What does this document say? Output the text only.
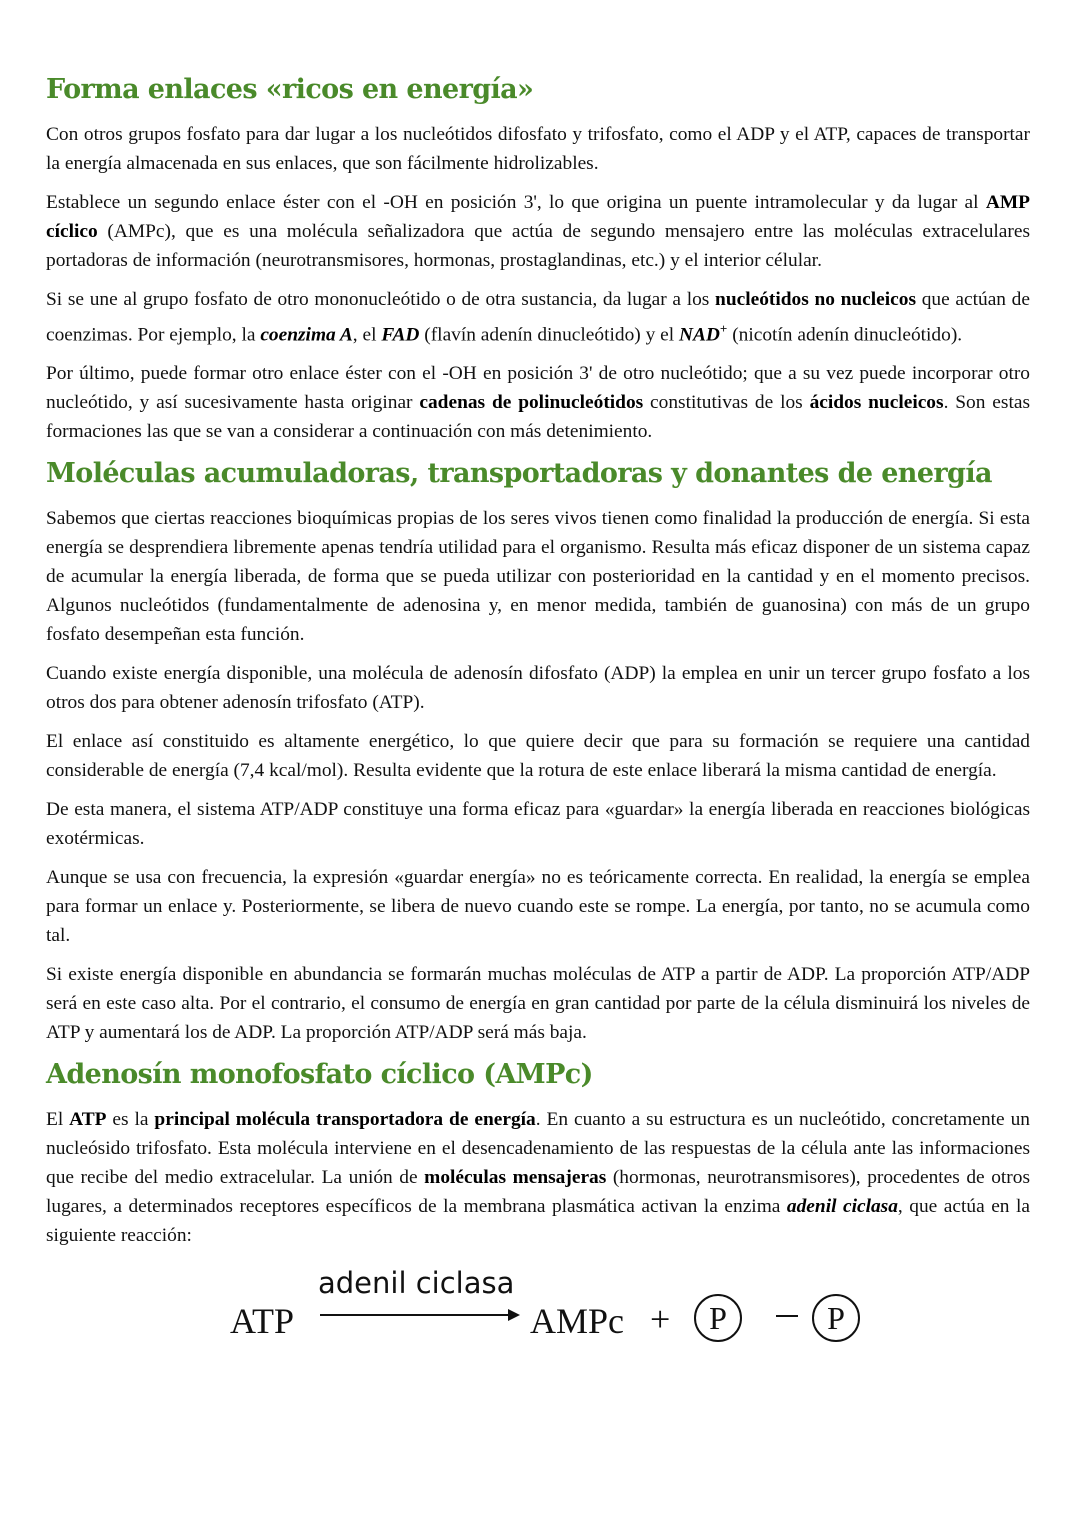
Forma enlaces «ricos en energía»

Con otros grupos fosfato para dar lugar a los nucleótidos difosfato y trifosfato, como el ADP y el ATP, capaces de transportar la energía almacenada en sus enlaces, que son fácilmente hidrolizables.

Establece un segundo enlace éster con el -OH en posición 3', lo que origina un puente intramolecular y da lugar al AMP cíclico (AMPc), que es una molécula señalizadora que actúa de segundo mensajero entre las moléculas extracelulares portadoras de información (neurotransmisores, hormonas, prostaglandinas, etc.) y el interior célular.

Si se une al grupo fosfato de otro mononucleótido o de otra sustancia, da lugar a los nucleótidos no nucleicos que actúan de coenzimas. Por ejemplo, la coenzima A, el FAD (flavín adenín dinucleótido) y el NAD+ (nicotín adenín dinucleótido).

Por último, puede formar otro enlace éster con el -OH en posición 3' de otro nucleótido; que a su vez puede incorporar otro nucleótido, y así sucesivamente hasta originar cadenas de polinucleótidos constitutivas de los ácidos nucleicos. Son estas formaciones las que se van a considerar a continuación con más detenimiento.

Moléculas acumuladoras, transportadoras y donantes de energía

Sabemos que ciertas reacciones bioquímicas propias de los seres vivos tienen como finalidad la producción de energía. Si esta energía se desprendiera libremente apenas tendría utilidad para el organismo. Resulta más eficaz disponer de un sistema capaz de acumular la energía liberada, de forma que se pueda utilizar con posterioridad en la cantidad y en el momento precisos. Algunos nucleótidos (fundamentalmente de adenosina y, en menor medida, también de guanosina) con más de un grupo fosfato desempeñan esta función.

Cuando existe energía disponible, una molécula de adenosín difosfato (ADP) la emplea en unir un tercer grupo fosfato a los otros dos para obtener adenosín trifosfato (ATP).

El enlace así constituido es altamente energético, lo que quiere decir que para su formación se requiere una cantidad considerable de energía (7,4 kcal/mol). Resulta evidente que la rotura de este enlace liberará la misma cantidad de energía.

De esta manera, el sistema ATP/ADP constituye una forma eficaz para «guardar» la energía liberada en reacciones biológicas exotérmicas.

Aunque se usa con frecuencia, la expresión «guardar energía» no es teóricamente correcta. En realidad, la energía se emplea para formar un enlace y. Posteriormente, se libera de nuevo cuando este se rompe. La energía, por tanto, no se acumula como tal.

Si existe energía disponible en abundancia se formarán muchas moléculas de ATP a partir de ADP. La proporción ATP/ADP será en este caso alta. Por el contrario, el consumo de energía en gran cantidad por parte de la célula disminuirá los niveles de ATP y aumentará los de ADP. La proporción ATP/ADP será más baja.

Adenosín monofosfato cíclico (AMPc)

El ATP es la principal molécula transportadora de energía. En cuanto a su estructura es un nucleótido, concretamente un nucleósido trifosfato. Esta molécula interviene en el desencadenamiento de las respuestas de la célula ante las informaciones que recibe del medio extracelular. La unión de moléculas mensajeras (hormonas, neurotransmisores), procedentes de otros lugares, a determinados receptores específicos de la membrana plasmática activan la enzima adenil ciclasa, que actúa en la siguiente reacción:

ATP
adenil ciclasa
AMPc +	P	P
